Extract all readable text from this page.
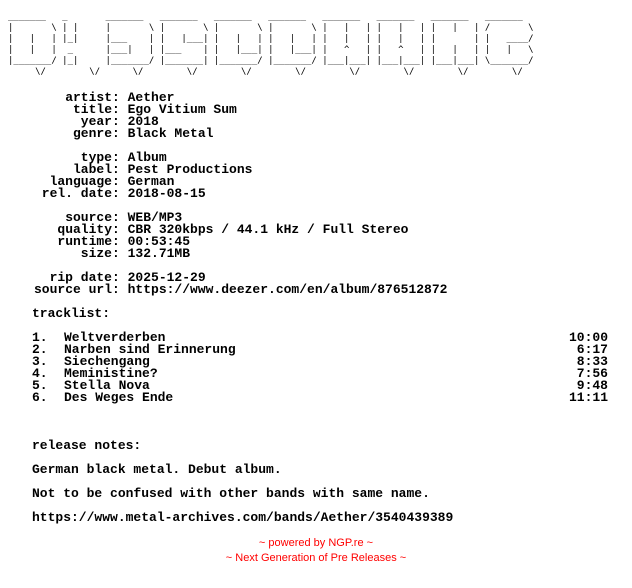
_______   _       _______   _______   _______   _______   _______   _______   _______   _______
|       \ | |     |       \ |       \ |       \ |       \ |   |   | |   |   | |   |   | /       \
|   |   | |_|     |___    | |   |___| |   |   | |   |   | |   |   | |   |   | |       | |   ____/
|   |   |  _      |___|   | |___    | |   |___| |   |___| |   ^   | |   ^   | |   |   | |   |   \
|_______/ |_|     |_______/ |_______| |_______/ |_______/ |___|___| |___|___| |___|___| \_______/
\/        \/      \/        \/        \/        \/        \/        \/        \/        \/
artist : Aether
title : Ego Vitium Sum
year : 2018
genre : Black Metal
type : Album
label : Pest Productions
language : German
rel. date : 2018-08-15
source : WEB/MP3
quality : CBR 320kbps / 44.1 kHz / Full Stereo
runtime : 00:53:45
size : 132.71MB
rip date : 2025-12-29
source url : https://www.deezer.com/en/album/876512872
tracklist:
1.	Weltverderben	10:00
2.	Narben sind Erinnerung	6:17
3.	Siechengang	8:33
4.	Meministine?	7:56
5.	Stella Nova	9:48
6.	Des Weges Ende	11:11
release notes:
German black metal. Debut album.
Not to be confused with other bands with same name.
https://www.metal-archives.com/bands/Aether/3540439389
~ powered by NGP.re ~
~ Next Generation of Pre Releases ~
